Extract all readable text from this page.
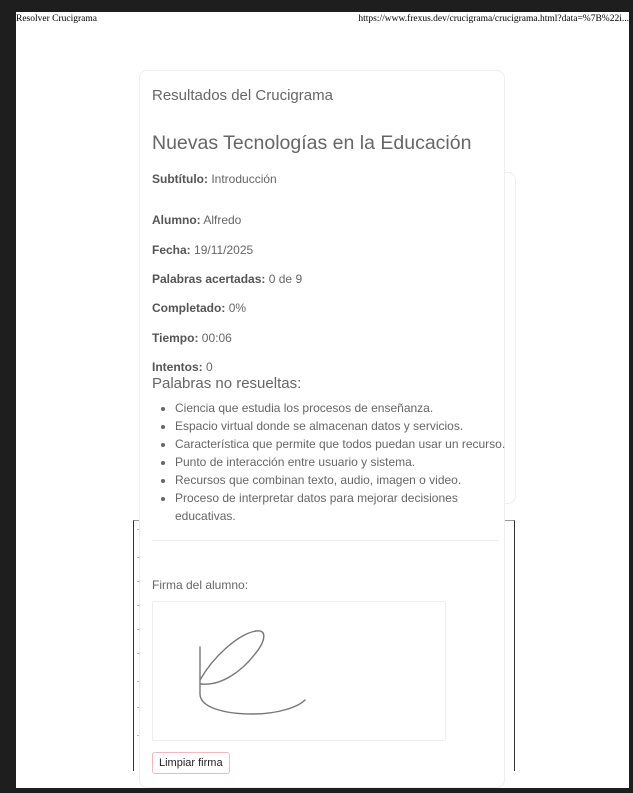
Resolver Crucigrama	https://www.frexus.dev/crucigrama/crucigrama.html?data=%7B%22i...
Resultados del Crucigrama
Nuevas Tecnologías en la Educación
Subtítulo: Introducción
Alumno: Alfredo
Fecha: 19/11/2025
Palabras acertadas: 0 de 9
Completado: 0%
Tiempo: 00:06
Intentos: 0
Palabras no resueltas:
• Ciencia que estudia los procesos de enseñanza.
• Espacio virtual donde se almacenan datos y servicios.
• Característica que permite que todos puedan usar un recurso.
• Punto de interacción entre usuario y sistema.
• Recursos que combinan texto, audio, imagen o video.
• Proceso de interpretar datos para mejorar decisiones educativas.
Firma del alumno:
Limpiar firma
